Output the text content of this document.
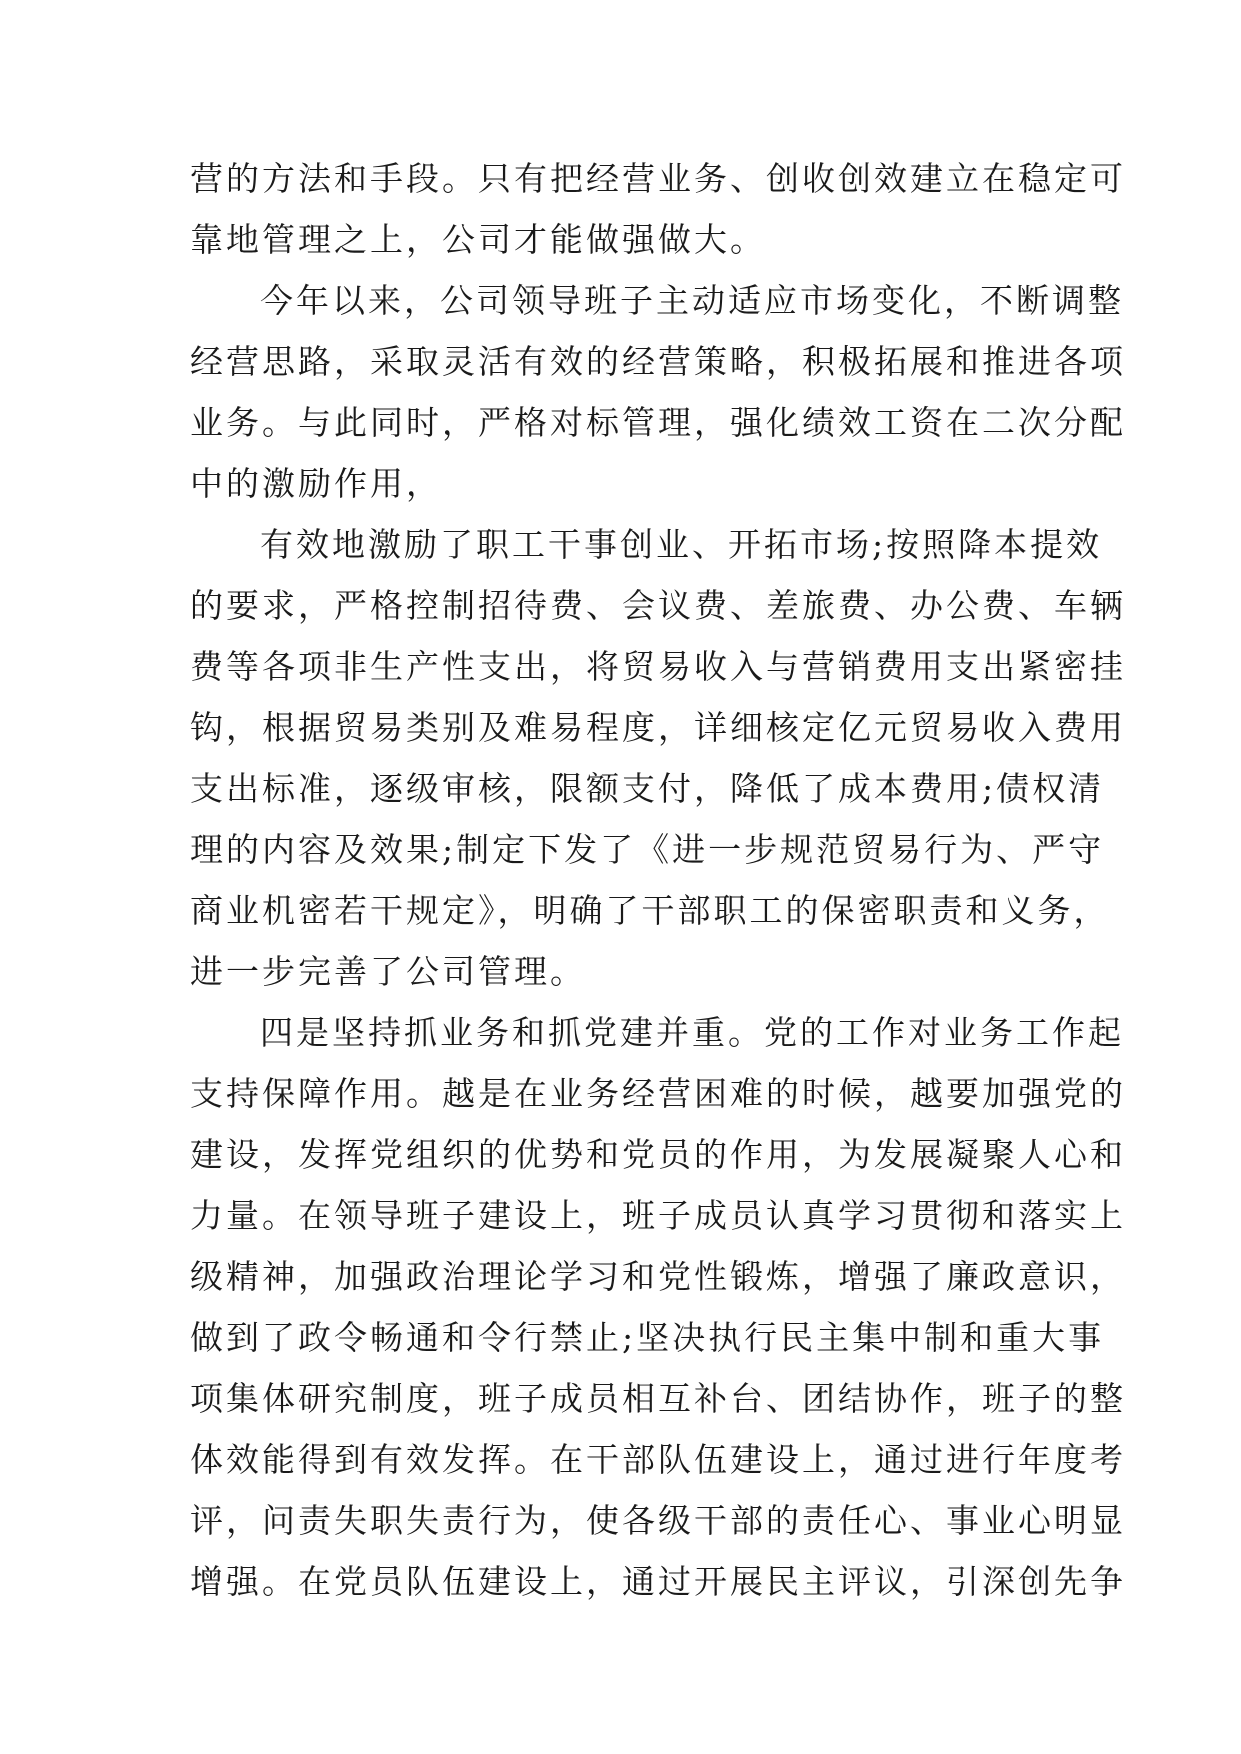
营的方法和手段。只有把经营业务、创收创效建立在稳定可
靠地管理之上，公司才能做强做大。
今年以来，公司领导班子主动适应市场变化，不断调整
经营思路，采取灵活有效的经营策略，积极拓展和推进各项
业务。与此同时，严格对标管理，强化绩效工资在二次分配
中的激励作用，
有效地激励了职工干事创业、开拓市场;按照降本提效
的要求，严格控制招待费、会议费、差旅费、办公费、车辆
费等各项非生产性支出，将贸易收入与营销费用支出紧密挂
钩，根据贸易类别及难易程度，详细核定亿元贸易收入费用
支出标准，逐级审核，限额支付，降低了成本费用;债权清
理的内容及效果;制定下发了《进一步规范贸易行为、严守
商业机密若干规定》，明确了干部职工的保密职责和义务，
进一步完善了公司管理。
四是坚持抓业务和抓党建并重。党的工作对业务工作起
支持保障作用。越是在业务经营困难的时候，越要加强党的
建设，发挥党组织的优势和党员的作用，为发展凝聚人心和
力量。在领导班子建设上，班子成员认真学习贯彻和落实上
级精神，加强政治理论学习和党性锻炼，增强了廉政意识，
做到了政令畅通和令行禁止;坚决执行民主集中制和重大事
项集体研究制度，班子成员相互补台、团结协作，班子的整
体效能得到有效发挥。在干部队伍建设上，通过进行年度考
评，问责失职失责行为，使各级干部的责任心、事业心明显
增强。在党员队伍建设上，通过开展民主评议，引深创先争
